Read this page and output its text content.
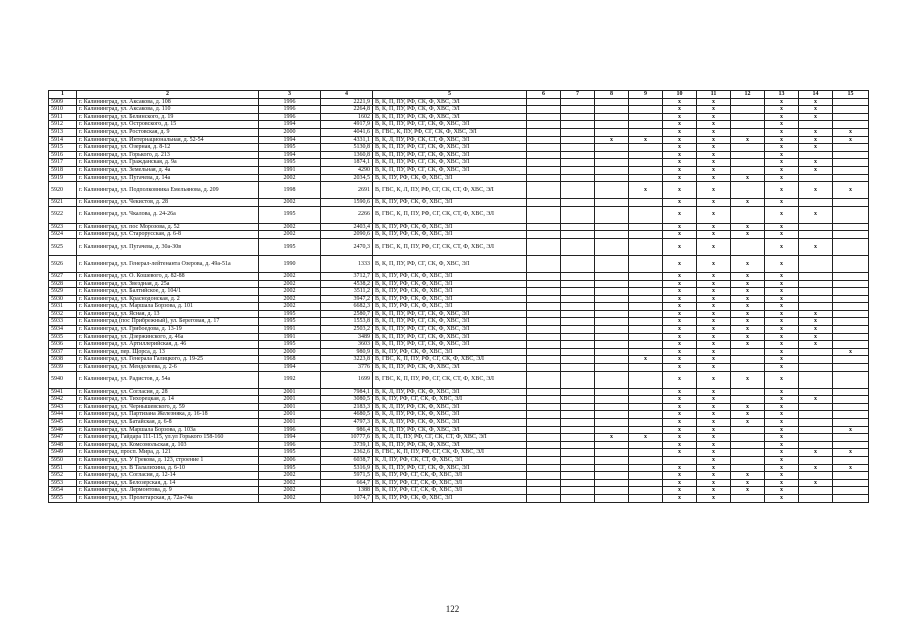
1	2	3	4	5	6	7	8	9	10	11	12	13	14	15
5909	г. Калининград, ул. Аксакова, д. 108	1996	2221,9	В, К, П, ПУ, РФ, СК, Ф, ХВС, ЭЛ					x	x		x	x	
5910	г. Калининград, ул. Аксакова, д. 110	1996	2264,8	В, К, П, ПУ, РФ, СК, Ф, ХВС, ЭЛ					x	x		x	x	
5911	г. Калининград, ул. Белинского, д. 19	1996	1602	В, К, П, ПУ, РФ, СК, Ф, ХВС, ЭЛ					x	x		x	x	
5912	г. Калининград, ул. Островского, д. 15	1994	4917,9	В, К, П, ПУ, РФ, СГ, СК, Ф, ХВС, ЭЛ					x	x		x		
5913	г. Калининград, ул. Ростовская, д. 9	2000	4041,6	В, ГВС, К, ПУ, РФ, СГ, СК, Ф, ХВС, ЭЛ					x	x		x	x	x
5914	г. Калининград, ул. Интернациональная, д. 52-54	1994	4331,1	В, К, Л, ПУ, РФ, СК, СТ, Ф, ХВС, ЭЛ			x	x	x	x	x	x	x	x
5915	г. Калининград, ул. Озерная, д. 8-12	1995	5130,8	В, К, П, ПУ, РФ, СГ, СК, Ф, ХВС, ЭЛ					x	x		x	x	
5916	г. Калининград, ул. Горького, д. 213	1994	1360,8	В, К, П, ПУ, РФ, СГ, СК, Ф, ХВС, ЭЛ					x	x		x		
5917	г. Калининград, ул. Гражданская, д. 9а	1995	1874,1	В, К, П, ПУ, РФ, СГ, СК, Ф, ХВС, ЭЛ					x	x		x	x	
5918	г. Калининград, ул. Земельная, д. 4а	1991	4290	В, К, П, ПУ, РФ, СГ, СК, Ф, ХВС, ЭЛ					x	x		x	x	
5919	г. Калининград, ул. Пугачева, д. 14а	2002	2034,5	В, К, ПУ, РФ, СК, Ф, ХВС, ЭЛ					x	x	x	x		
5920	г. Калининград, ул. Подполковника Емельянова, д. 209	1998	2691	В, ГВС, К, Л, ПУ, РФ, СГ, СК, СТ, Ф, ХВС, ЭЛ				x	x	x		x	x	x
5921	г. Калининград, ул. Чекистов, д. 28	2002	1590,6	В, К, ПУ, РФ, СК, Ф, ХВС, ЭЛ					x	x	x	x		
5922	г. Калининград, ул. Чкалова, д. 24-26а	1995	2266	В, ГВС, К, П, ПУ, РФ, СГ, СК, СТ, Ф, ХВС, ЭЛ					x	x		x	x	
5923	г. Калининград, ул. пос Морозова, д. 52	2002	2403,4	В, К, ПУ, РФ, СК, Ф, ХВС, ЭЛ					x	x	x	x		
5924	г. Калининград, ул. Старорусская, д. 6-8	2002	2090,6	В, К, ПУ, РФ, СК, Ф, ХВС, ЭЛ					x	x	x	x		
5925	г. Калининград, ул. Пугачева, д. 30а-30в	1995	2470,3	В, ГВС, К, П, ПУ, РФ, СГ, СК, СТ, Ф, ХВС, ЭЛ					x	x		x	x	
5926	г. Калининград, ул. Генерал-лейтенанта Озерова, д. 49а-51а	1990	1333	В, К, П, ПУ, РФ, СГ, СК, Ф, ХВС, ЭЛ					x	x	x	x		
5927	г. Калининград, ул. О. Кошевого, д. 82-88	2002	3712,7	В, К, ПУ, РФ, СК, Ф, ХВС, ЭЛ					x	x	x	x		
5928	г. Калининград, ул. Звездная, д. 25а	2002	4538,2	В, К, ПУ, РФ, СК, Ф, ХВС, ЭЛ					x	x	x	x		
5929	г. Калининград, ул. Балтийское, д. 104/1	2002	3511,2	В, К, ПУ, РФ, СК, Ф, ХВС, ЭЛ					x	x	x	x		
5930	г. Калининград, ул. Краснодонская, д. 2	2002	3947,2	В, К, ПУ, РФ, СК, Ф, ХВС, ЭЛ					x	x	x	x		
5931	г. Калининград, ул. Маршала Борзова, д. 101	2002	6682,3	В, К, ПУ, РФ, СК, Ф, ХВС, ЭЛ					x	x	x	x		
5932	г. Калининград, ул. Ясная, д. 13	1995	2580,7	В, К, П, ПУ, РФ, СГ, СК, Ф, ХВС, ЭЛ					x	x	x	x	x	
5933	г. Калининград (пос Прибрежный), ул. Береговая, д. 17	1995	1553,8	В, К, П, ПУ, РФ, СГ, СК, Ф, ХВС, ЭЛ					x	x	x	x	x	
5934	г. Калининград, ул. Грибоедова, д. 13-19	1991	2503,2	В, К, П, ПУ, РФ, СГ, СК, Ф, ХВС, ЭЛ					x	x	x	x	x	
5935	г. Калининград, ул. Дзержинского, д. 46а	1991	3489	В, К, П, ПУ, РФ, СГ, СК, Ф, ХВС, ЭЛ					x	x	x	x	x	
5936	г. Калининград, ул. Артиллерийская, д. 46	1995	3603	В, К, П, ПУ, РФ, СГ, СК, Ф, ХВС, ЭЛ					x	x	x	x	x	
5937	г. Калининград, пер. Щорса, д. 13	2000	980,9	В, К, ПУ, РФ, СК, Ф, ХВС, ЭЛ					x	x		x		x
5938	г. Калининград, ул. Генерала Галицкого, д. 19-25	1968	3223,8	В, ГВС, К, П, ПУ, РФ, СГ, СК, Ф, ХВС, ЭЛ				x	x	x		x		
5939	г. Калининград, ул. Менделеева, д. 2-6	1994	3776	В, К, П, ПУ, РФ, СК, Ф, ХВС, ЭЛ					x	x		x		
5940	г. Калининград, ул. Радистов, д. 54а	1992	1699	В, ГВС, К, П, ПУ, РФ, СГ, СК, СТ, Ф, ХВС, ЭЛ					x	x	x	x		
5941	г. Калининград, ул. Согласия, д. 28	2001	7984,1	В, К, Л, ПУ, РФ, СК, Ф, ХВС, ЭЛ					x	x		x		
5942	г. Калининград, ул. Тихорецкая, д. 14	2001	3080,5	В, К, ПУ, РФ, СГ, СК, Ф, ХВС, ЭЛ					x	x		x	x	
5943	г. Калининград, ул. Чернышевского, д. 59	2001	2183,3	В, К, Л, ПУ, РФ, СК, Ф, ХВС, ЭЛ					x	x	x	x		
5944	г. Калининград, ул. Партизана Железняка, д. 16-18	2001	4680,5	В, К, Л, ПУ, РФ, СК, Ф, ХВС, ЭЛ					x	x	x	x		
5945	г. Калининград, ул. Батайская, д. 6-8	2001	4797,3	В, К, Л, ПУ, РФ, СК, Ф, ХВС, ЭЛ					x	x	x	x		
5946	г. Калининград, ул. Маршала Борзова, д. 103а	1996	986,4	В, К, П, ПУ, РФ, СК, Ф, ХВС, ЭЛ					x	x		x		x
5947	г. Калининград, Гайдара 111-115, ул.ул Горького 158-160	1994	10777,6	В, К, Л, П, ПУ, РФ, СГ, СК, СТ, Ф, ХВС, ЭЛ			x	x	x	x		x		
5948	г. Калининград, ул. Комсомольская, д. 103	1996	3739,1	В, К, П, ПУ, РФ, СК, Ф, ХВС, ЭЛ					x	x		x		
5949	г. Калининград, просп. Мира, д. 121	1995	2362,6	В, ГВС, К, П, ПУ, РФ, СГ, СК, Ф, ХВС, ЭЛ					x	x		x	x	x
5950	г. Калининград, ул. У Грекова, д. 123, строение 1	2006	6038,7	К, Л, ПУ, РФ, СК, СТ, Ф, ХВС, ЭЛ						x		x		
5951	г. Калининград, ул. В Талалихина, д. 6-10	1995	5316,9	В, К, П, ПУ, РФ, СГ, СК, Ф, ХВС, ЭЛ					x	x		x	x	x
5952	г. Калининград, ул. Согласия, д. 12-14	2002	5971,5	В, К, ПУ, РФ, СГ, СК, Ф, ХВС, ЭЛ					x	x	x	x		
5953	г. Калининград, ул. Белозерская, д. 14	2002	664,7	В, К, ПУ, РФ, СГ, СК, Ф, ХВС, ЭЛ					x	x	x	x	x	
5954	г. Калининград, ул. Лермонтова, д. 9	2002	1388	В, К, ПУ, РФ, СГ, СК, Ф, ХВС, ЭЛ					x	x	x	x		
5955	г. Калининград, ул. Пролетарская, д. 72а-74а	2002	1074,7	В, К, ПУ, РФ, СК, Ф, ХВС, ЭЛ					x	x		x		
122
